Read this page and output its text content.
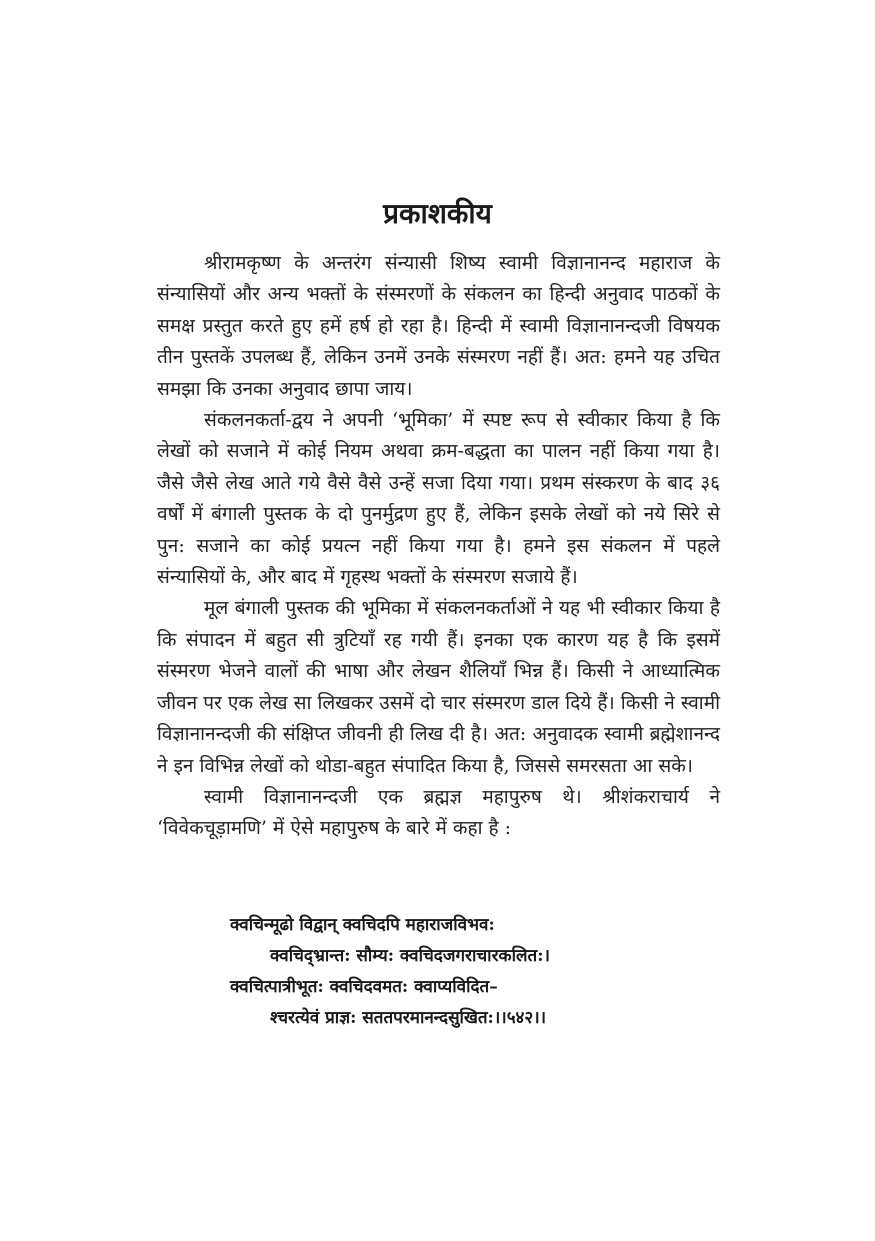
प्रकाशकीय

श्रीरामकृष्ण के अन्तरंग संन्यासी शिष्य स्वामी विज्ञानानन्द महाराज के संन्यासियों और अन्य भक्तों के संस्मरणों के संकलन का हिन्दी अनुवाद पाठकों के समक्ष प्रस्तुत करते हुए हमें हर्ष हो रहा है। हिन्दी में स्वामी विज्ञानानन्दजी विषयक तीन पुस्तकें उपलब्ध हैं, लेकिन उनमें उनके संस्मरण नहीं हैं। अत: हमने यह उचित समझा कि उनका अनुवाद छापा जाय।

संकलनकर्ता-द्वय ने अपनी ‘भूमिका’ में स्पष्ट रूप से स्वीकार किया है कि लेखों को सजाने में कोई नियम अथवा क्रम-बद्धता का पालन नहीं किया गया है। जैसे जैसे लेख आते गये वैसे वैसे उन्हें सजा दिया गया। प्रथम संस्करण के बाद ३६ वर्षों में बंगाली पुस्तक के दो पुनर्मुद्रण हुए हैं, लेकिन इसके लेखों को नये सिरे से पुन: सजाने का कोई प्रयत्न नहीं किया गया है। हमने इस संकलन में पहले संन्यासियों के, और बाद में गृहस्थ भक्तों के संस्मरण सजाये हैं।

मूल बंगाली पुस्तक की भूमिका में संकलनकर्ताओं ने यह भी स्वीकार किया है कि संपादन में बहुत सी त्रुटियाँ रह गयी हैं। इनका एक कारण यह है कि इसमें संस्मरण भेजने वालों की भाषा और लेखन शैलियाँ भिन्न हैं। किसी ने आध्यात्मिक जीवन पर एक लेख सा लिखकर उसमें दो चार संस्मरण डाल दिये हैं। किसी ने स्वामी विज्ञानानन्दजी की संक्षिप्त जीवनी ही लिख दी है। अत: अनुवादक स्वामी ब्रह्मेशानन्द ने इन विभिन्न लेखों को थोडा-बहुत संपादित किया है, जिससे समरसता आ सके।

स्वामी विज्ञानानन्दजी एक ब्रह्मज्ञ महापुरुष थे। श्रीशंकराचार्य ने ‘विवेकचूड़ामणि’ में ऐसे महापुरुष के बारे में कहा है :

क्वचिन्मूढो विद्वान् क्वचिदपि महाराजविभव:
क्वचिद्भ्रान्त: सौम्य: क्वचिदजगराचारकलित:।
क्वचित्पात्रीभूत: क्वचिदवमत: क्वाप्यविदित–
श्चरत्येवं प्राज्ञ: सततपरमानन्दसुखित:।।५४२।।
